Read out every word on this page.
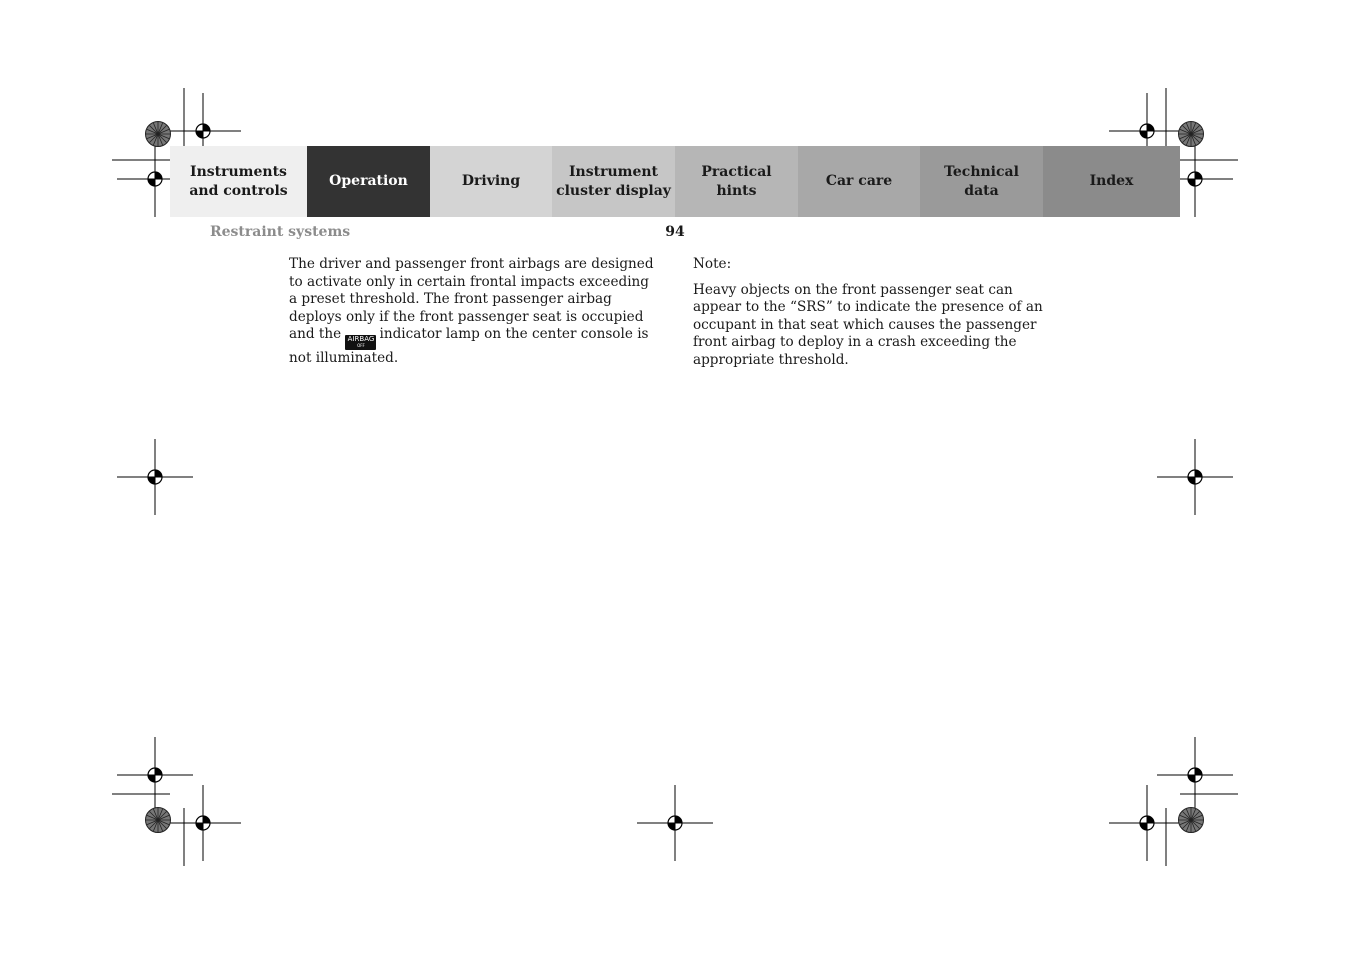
Instruments
and controls
Operation	Driving
Instrument
cluster display
Practical hints
Car care
Technical
data
Index
Restraint systems	94

The driver and passenger front airbags are designed to activate only in certain frontal impacts exceeding a preset threshold. The front passenger airbag deploys only if the front passenger seat is occupied and the AIRBAG
OFF
indicator lamp on the center console is not illuminated.

Note:

Heavy objects on the front passenger seat can appear to the “SRS” to indicate the presence of an occupant in that seat which causes the passenger front airbag to deploy in a crash exceeding the appropriate threshold.
